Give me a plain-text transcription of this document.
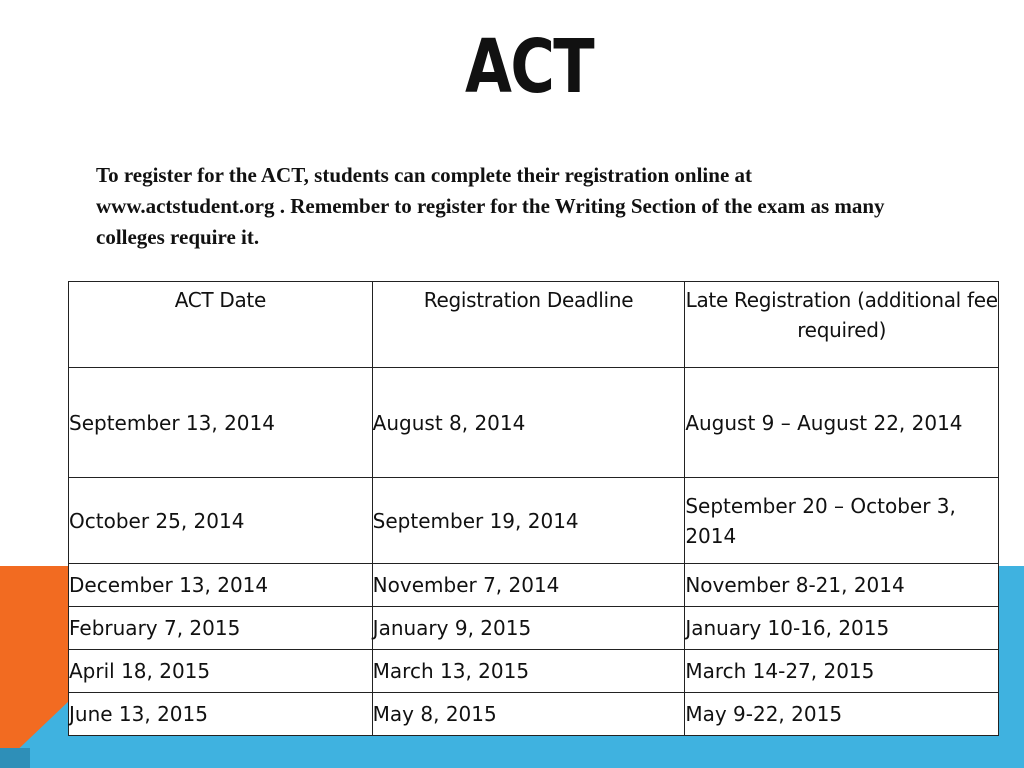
ACT
To register for the ACT, students can complete their registration online at www.actstudent.org . Remember to register for the Writing Section of the exam as many colleges require it.
ACT Date	Registration Deadline	Late Registration (additional fee required)
September 13, 2014	August 8, 2014	August 9 – August 22, 2014
October 25, 2014	September 19, 2014	September 20 – October 3, 2014
December 13, 2014	November 7, 2014	November 8-21, 2014
February 7, 2015	January 9, 2015	January 10-16, 2015
April 18, 2015	March 13, 2015	March 14-27, 2015
June 13, 2015	May 8, 2015	May 9-22, 2015
